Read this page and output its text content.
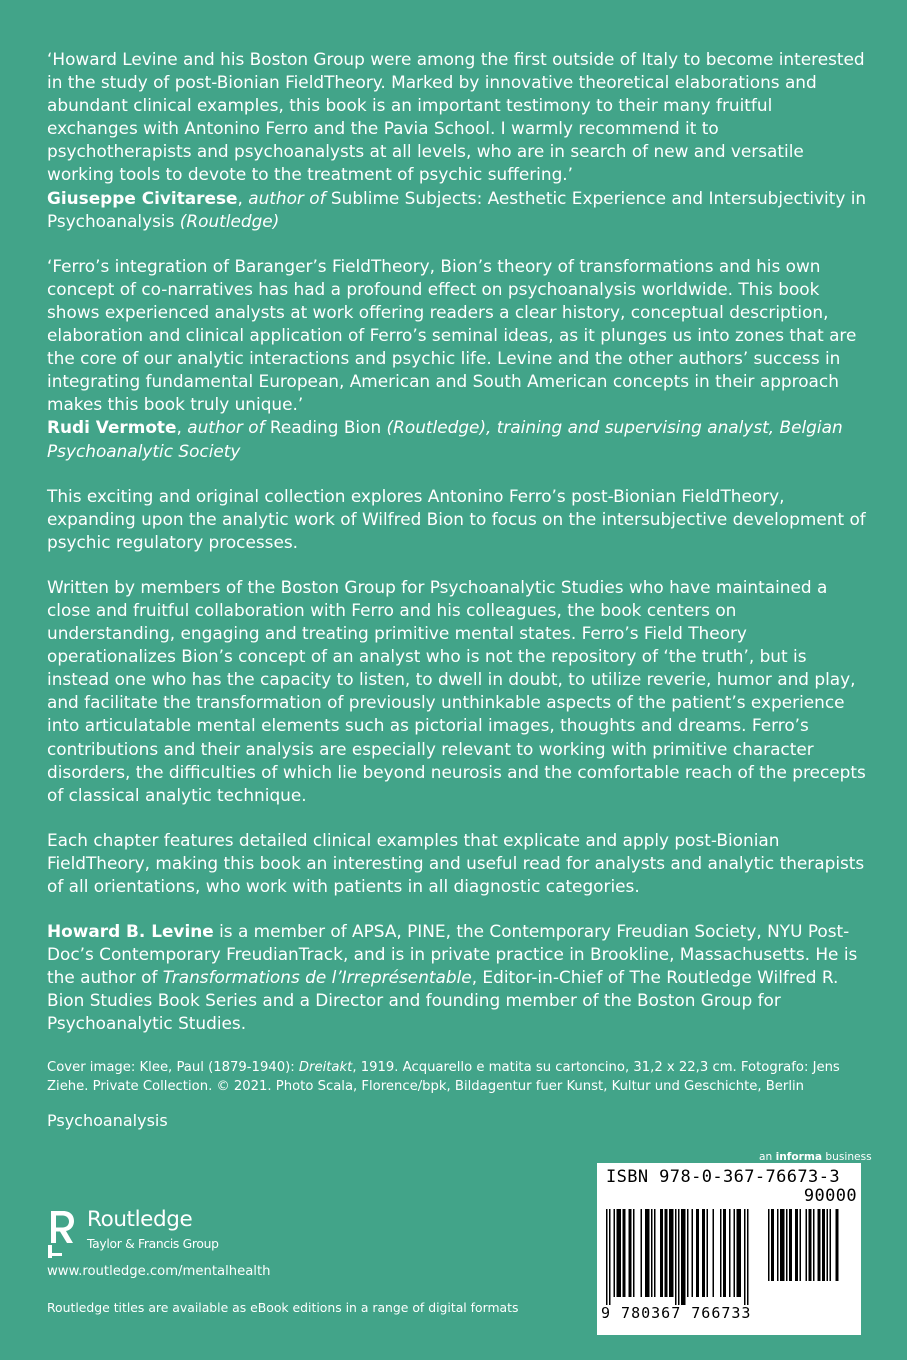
‘Howard Levine and his Boston Group were among the first outside of Italy to become interested in the study of post-Bionian FieldTheory. Marked by innovative theoretical elaborations and abundant clinical examples, this book is an important testimony to their many fruitful exchanges with Antonino Ferro and the Pavia School. I warmly recommend it to psychotherapists and psychoanalysts at all levels, who are in search of new and versatile working tools to devote to the treatment of psychic suffering.’
Giuseppe Civitarese, author of Sublime Subjects: Aesthetic Experience and Intersubjectivity in Psychoanalysis (Routledge)

‘Ferro’s integration of Baranger’s FieldTheory, Bion’s theory of transformations and his own concept of co-narratives has had a profound effect on psychoanalysis worldwide. This book shows experienced analysts at work offering readers a clear history, conceptual description, elaboration and clinical application of Ferro’s seminal ideas, as it plunges us into zones that are the core of our analytic interactions and psychic life. Levine and the other authors’ success in integrating fundamental European, American and South American concepts in their approach makes this book truly unique.’
Rudi Vermote, author of Reading Bion (Routledge), training and supervising analyst, Belgian Psychoanalytic Society

This exciting and original collection explores Antonino Ferro’s post-Bionian FieldTheory, expanding upon the analytic work of Wilfred Bion to focus on the intersubjective development of psychic regulatory processes.

Written by members of the Boston Group for Psychoanalytic Studies who have maintained a close and fruitful collaboration with Ferro and his colleagues, the book centers on understanding, engaging and treating primitive mental states. Ferro’s Field Theory operationalizes Bion’s concept of an analyst who is not the repository of ‘the truth’, but is instead one who has the capacity to listen, to dwell in doubt, to utilize reverie, humor and play, and facilitate the transformation of previously unthinkable aspects of the patient’s experience into articulatable mental elements such as pictorial images, thoughts and dreams. Ferro’s contributions and their analysis are especially relevant to working with primitive character disorders, the difficulties of which lie beyond neurosis and the comfortable reach of the precepts of classical analytic technique.

Each chapter features detailed clinical examples that explicate and apply post-Bionian FieldTheory, making this book an interesting and useful read for analysts and analytic therapists of all orientations, who work with patients in all diagnostic categories.

Howard B. Levine is a member of APSA, PINE, the Contemporary Freudian Society, NYU Post-Doc’s Contemporary FreudianTrack, and is in private practice in Brookline, Massachusetts. He is the author of Transformations de l’Irreprésentable, Editor-in-Chief of The Routledge Wilfred R. Bion Studies Book Series and a Director and founding member of the Boston Group for Psychoanalytic Studies.

Cover image: Klee, Paul (1879-1940): Dreitakt, 1919. Acquarello e matita su cartoncino, 31,2 x 22,3 cm. Fotografo: Jens Ziehe. Private Collection. © 2021. Photo Scala, Florence/bpk, Bildagentur fuer Kunst, Kultur und Geschichte, Berlin

Psychoanalysis

Routledge
Taylor & Francis Group
www.routledge.com/mentalhealth
Routledge titles are available as eBook editions in a range of digital formats
an informa business
ISBN 978-0-367-76673-3
90000
9 780367 766733
